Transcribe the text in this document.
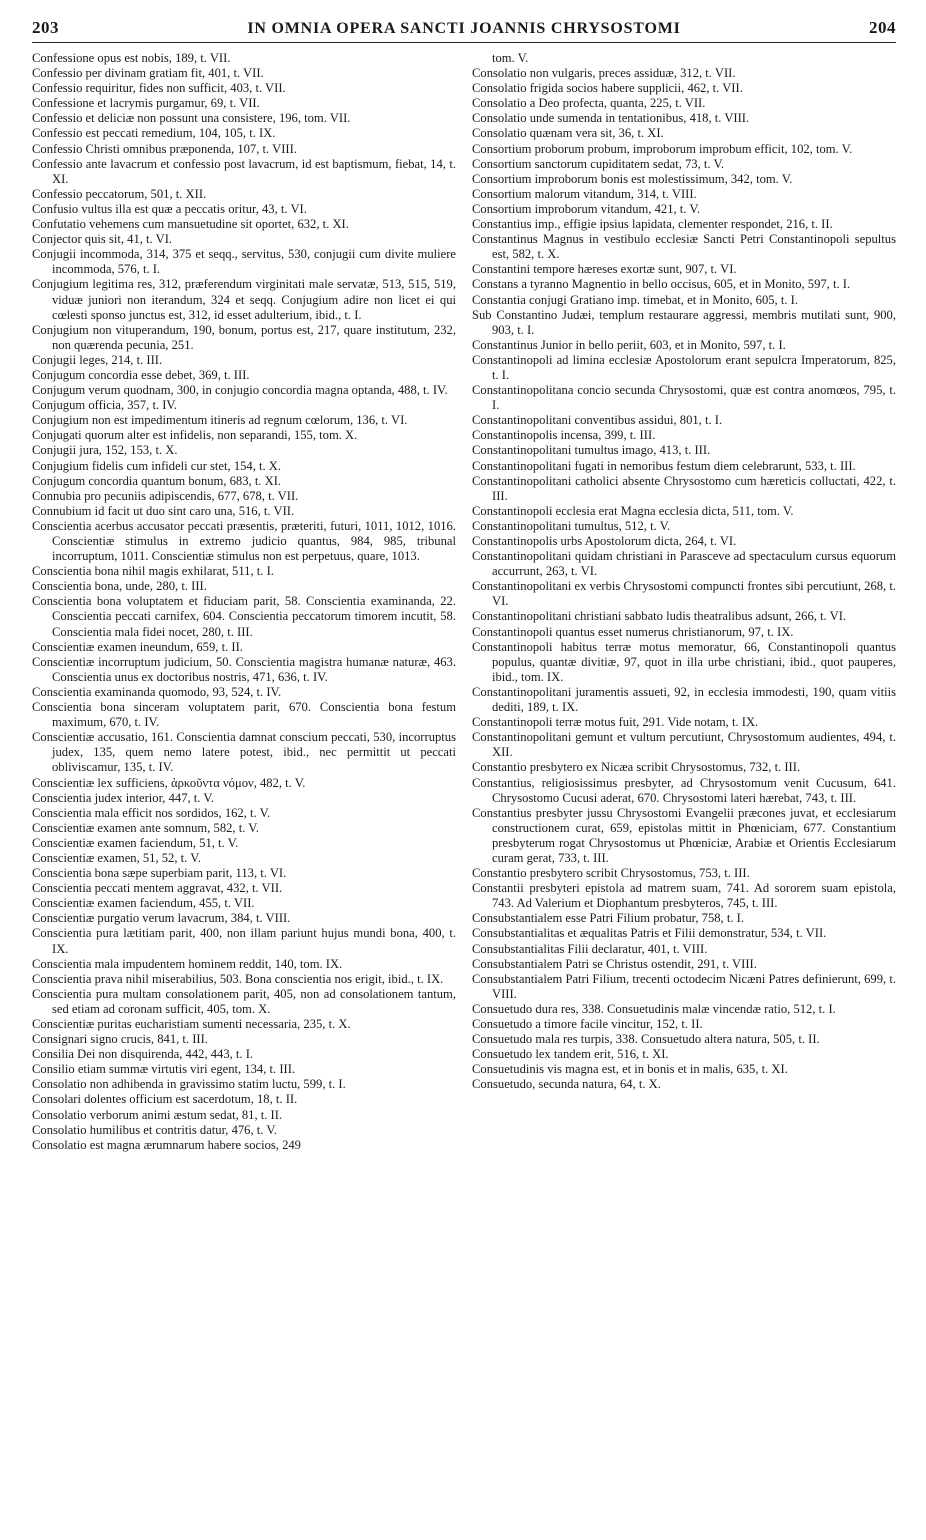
203	IN OMNIA OPERA SANCTI JOANNIS CHRYSOSTOMI	204

Confessione opus est nobis, 189, t. VII.

Confessio per divinam gratiam fit, 401, t. VII.

Confessio requiritur, fides non sufficit, 403, t. VII.

Confessione et lacrymis purgamur, 69, t. VII.

Confessio et deliciæ non possunt una consistere, 196, tom. VII.

Confessio est peccati remedium, 104, 105, t. IX.

Confessio Christi omnibus præponenda, 107, t. VIII.

Confessio ante lavacrum et confessio post lavacrum, id est baptismum, fiebat, 14, t. XI.

Confessio peccatorum, 501, t. XII.

Confusio vultus illa est quæ a peccatis oritur, 43, t. VI.

Confutatio vehemens cum mansuetudine sit oportet, 632, t. XI.

Conjector quis sit, 41, t. VI.

Conjugii incommoda, 314, 375 et seqq., servitus, 530, conjugii cum divite muliere incommoda, 576, t. I.

Conjugium legitima res, 312, præferendum virginitati male servatæ, 513, 515, 519, viduæ juniori non iterandum, 324 et seqq. Conjugium adire non licet ei qui cœlesti sponso junctus est, 312, id esset adulterium, ibid., t. I.

Conjugium non vituperandum, 190, bonum, portus est, 217, quare institutum, 232, non quærenda pecunia, 251.

Conjugii leges, 214, t. III.

Conjugum concordia esse debet, 369, t. III.

Conjugum verum quodnam, 300, in conjugio concordia magna optanda, 488, t. IV.

Conjugum officia, 357, t. IV.

Conjugium non est impedimentum itineris ad regnum cœlorum, 136, t. VI.

Conjugati quorum alter est infidelis, non separandi, 155, tom. X.

Conjugii jura, 152, 153, t. X.

Conjugium fidelis cum infideli cur stet, 154, t. X.

Conjugum concordia quantum bonum, 683, t. XI.

Connubia pro pecuniis adipiscendis, 677, 678, t. VII.

Connubium id facit ut duo sint caro una, 516, t. VII.

Conscientia acerbus accusator peccati præsentis, præteriti, futuri, 1011, 1012, 1016. Conscientiæ stimulus in extremo judicio quantus, 984, 985, tribunal incorruptum, 1011. Conscientiæ stimulus non est perpetuus, quare, 1013.

Conscientia bona nihil magis exhilarat, 511, t. I.

Conscientia bona, unde, 280, t. III.

Conscientia bona voluptatem et fiduciam parit, 58. Conscientia examinanda, 22. Conscientia peccati carnifex, 604. Conscientia peccatorum timorem incutit, 58. Conscientia mala fidei nocet, 280, t. III.

Conscientiæ examen ineundum, 659, t. II.

Conscientiæ incorruptum judicium, 50. Conscientia magistra humanæ naturæ, 463. Conscientia unus ex doctoribus nostris, 471, 636, t. IV.

Conscientia examinanda quomodo, 93, 524, t. IV.

Conscientia bona sinceram voluptatem parit, 670. Conscientia bona festum maximum, 670, t. IV.

Conscientiæ accusatio, 161. Conscientia damnat conscium peccati, 530, incorruptus judex, 135, quem nemo latere potest, ibid., nec permittit ut peccati obliviscamur, 135, t. IV.

Conscientiæ lex sufficiens, ἀρκοῦντα νόμον, 482, t. V.

Conscientia judex interior, 447, t. V.

Conscientia mala efficit nos sordidos, 162, t. V.

Conscientiæ examen ante somnum, 582, t. V.

Conscientiæ examen faciendum, 51, t. V.

Conscientiæ examen, 51, 52, t. V.

Conscientia bona sæpe superbiam parit, 113, t. VI.

Conscientia peccati mentem aggravat, 432, t. VII.

Conscientiæ examen faciendum, 455, t. VII.

Conscientiæ purgatio verum lavacrum, 384, t. VIII.

Conscientia pura lætitiam parit, 400, non illam pariunt hujus mundi bona, 400, t. IX.

Conscientia mala impudentem hominem reddit, 140, tom. IX.

Conscientia prava nihil miserabilius, 503. Bona conscientia nos erigit, ibid., t. IX.

Conscientia pura multam consolationem parit, 405, non ad consolationem tantum, sed etiam ad coronam sufficit, 405, tom. X.

Conscientiæ puritas eucharistiam sumenti necessaria, 235, t. X.

Consignari signo crucis, 841, t. III.

Consilia Dei non disquirenda, 442, 443, t. I.

Consilio etiam summæ virtutis viri egent, 134, t. III.

Consolatio non adhibenda in gravissimo statim luctu, 599, t. I.

Consolari dolentes officium est sacerdotum, 18, t. II.

Consolatio verborum animi æstum sedat, 81, t. II.

Consolatio humilibus et contritis datur, 476, t. V.

Consolatio est magna ærumnarum habere socios, 249

tom. V.

Consolatio non vulgaris, preces assiduæ, 312, t. VII.

Consolatio frigida socios habere supplicii, 462, t. VII.

Consolatio a Deo profecta, quanta, 225, t. VII.

Consolatio unde sumenda in tentationibus, 418, t. VIII.

Consolatio quænam vera sit, 36, t. XI.

Consortium proborum probum, improborum improbum efficit, 102, tom. V.

Consortium sanctorum cupiditatem sedat, 73, t. V.

Consortium improborum bonis est molestissimum, 342, tom. V.

Consortium malorum vitandum, 314, t. VIII.

Consortium improborum vitandum, 421, t. V.

Constantius imp., effigie ipsius lapidata, clementer respondet, 216, t. II.

Constantinus Magnus in vestibulo ecclesiæ Sancti Petri Constantinopoli sepultus est, 582, t. X.

Constantini tempore hæreses exortæ sunt, 907, t. VI.

Constans a tyranno Magnentio in bello occisus, 605, et in Monito, 597, t. I.

Constantia conjugi Gratiano imp. timebat, et in Monito, 605, t. I.

Sub Constantino Judæi, templum restaurare aggressi, membris mutilati sunt, 900, 903, t. I.

Constantinus Junior in bello periit, 603, et in Monito, 597, t. I.

Constantinopoli ad limina ecclesiæ Apostolorum erant sepulcra Imperatorum, 825, t. I.

Constantinopolitana concio secunda Chrysostomi, quæ est contra anomœos, 795, t. I.

Constantinopolitani conventibus assidui, 801, t. I.

Constantinopolis incensa, 399, t. III.

Constantinopolitani tumultus imago, 413, t. III.

Constantinopolitani fugati in nemoribus festum diem celebrarunt, 533, t. III.

Constantinopolitani catholici absente Chrysostomo cum hæreticis colluctati, 422, t. III.

Constantinopoli ecclesia erat Magna ecclesia dicta, 511, tom. V.

Constantinopolitani tumultus, 512, t. V.

Constantinopolis urbs Apostolorum dicta, 264, t. VI.

Constantinopolitani quidam christiani in Parasceve ad spectaculum cursus equorum accurrunt, 263, t. VI.

Constantinopolitani ex verbis Chrysostomi compuncti frontes sibi percutiunt, 268, t. VI.

Constantinopolitani christiani sabbato ludis theatralibus adsunt, 266, t. VI.

Constantinopoli quantus esset numerus christianorum, 97, t. IX.

Constantinopoli habitus terræ motus memoratur, 66, Constantinopoli quantus populus, quantæ divitiæ, 97, quot in illa urbe christiani, ibid., quot pauperes, ibid., tom. IX.

Constantinopolitani juramentis assueti, 92, in ecclesia immodesti, 190, quam vitiis dediti, 189, t. IX.

Constantinopoli terræ motus fuit, 291. Vide notam, t. IX.

Constantinopolitani gemunt et vultum percutiunt, Chrysostomum audientes, 494, t. XII.

Constantio presbytero ex Nicæa scribit Chrysostomus, 732, t. III.

Constantius, religiosissimus presbyter, ad Chrysostomum venit Cucusum, 641. Chrysostomo Cucusi aderat, 670. Chrysostomi lateri hærebat, 743, t. III.

Constantius presbyter jussu Chrysostomi Evangelii præcones juvat, et ecclesiarum constructionem curat, 659, epistolas mittit in Phœniciam, 677. Constantium presbyterum rogat Chrysostomus ut Phœniciæ, Arabiæ et Orientis Ecclesiarum curam gerat, 733, t. III.

Constantio presbytero scribit Chrysostomus, 753, t. III.

Constantii presbyteri epistola ad matrem suam, 741. Ad sororem suam epistola, 743. Ad Valerium et Diophantum presbyteros, 745, t. III.

Consubstantialem esse Patri Filium probatur, 758, t. I.

Consubstantialitas et æqualitas Patris et Filii demonstratur, 534, t. VII.

Consubstantialitas Filii declaratur, 401, t. VIII.

Consubstantialem Patri se Christus ostendit, 291, t. VIII.

Consubstantialem Patri Filium, trecenti octodecim Nicæni Patres definierunt, 699, t. VIII.

Consuetudo dura res, 338. Consuetudinis malæ vincendæ ratio, 512, t. I.

Consuetudo a timore facile vincitur, 152, t. II.

Consuetudo mala res turpis, 338. Consuetudo altera natura, 505, t. II.

Consuetudo lex tandem erit, 516, t. XI.

Consuetudinis vis magna est, et in bonis et in malis, 635, t. XI.

Consuetudo, secunda natura, 64, t. X.
